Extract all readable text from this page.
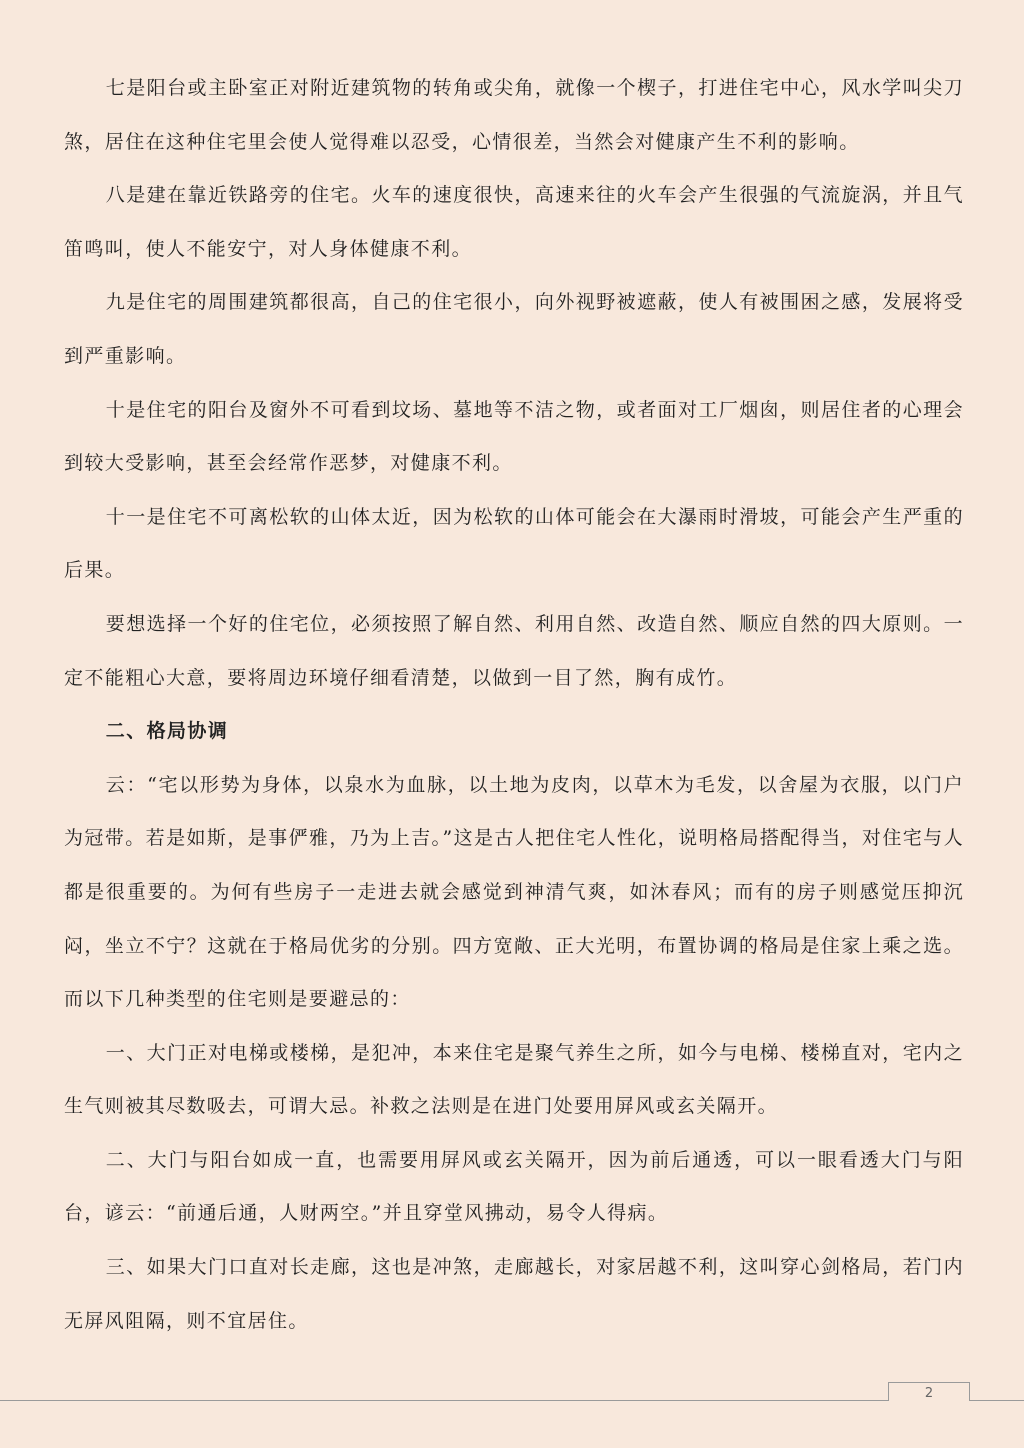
七是阳台或主卧室正对附近建筑物的转角或尖角，就像一个楔子，打进住宅中心，风水学叫尖刀煞，居住在这种住宅里会使人觉得难以忍受，心情很差，当然会对健康产生不利的影响。

八是建在靠近铁路旁的住宅。火车的速度很快，高速来往的火车会产生很强的气流旋涡，并且气笛鸣叫，使人不能安宁，对人身体健康不利。

九是住宅的周围建筑都很高，自己的住宅很小，向外视野被遮蔽，使人有被围困之感，发展将受到严重影响。

十是住宅的阳台及窗外不可看到坟场、墓地等不洁之物，或者面对工厂烟囱，则居住者的心理会到较大受影响，甚至会经常作恶梦，对健康不利。

十一是住宅不可离松软的山体太近，因为松软的山体可能会在大瀑雨时滑坡，可能会产生严重的后果。

要想选择一个好的住宅位，必须按照了解自然、利用自然、改造自然、顺应自然的四大原则。一定不能粗心大意，要将周边环境仔细看清楚，以做到一目了然，胸有成竹。

二、格局协调

云：“宅以形势为身体，以泉水为血脉，以土地为皮肉，以草木为毛发，以舍屋为衣服，以门户为冠带。若是如斯，是事俨雅，乃为上吉。”这是古人把住宅人性化，说明格局搭配得当，对住宅与人都是很重要的。为何有些房子一走进去就会感觉到神清气爽，如沐春风；而有的房子则感觉压抑沉闷，坐立不宁？这就在于格局优劣的分别。四方宽敞、正大光明，布置协调的格局是住家上乘之选。而以下几种类型的住宅则是要避忌的：

一、大门正对电梯或楼梯，是犯冲，本来住宅是聚气养生之所，如今与电梯、楼梯直对，宅内之生气则被其尽数吸去，可谓大忌。补救之法则是在进门处要用屏风或玄关隔开。

二、大门与阳台如成一直，也需要用屏风或玄关隔开，因为前后通透，可以一眼看透大门与阳台，谚云：“前通后通，人财两空。”并且穿堂风拂动，易令人得病。

三、如果大门口直对长走廊，这也是冲煞，走廊越长，对家居越不利，这叫穿心剑格局，若门内无屏风阻隔，则不宜居住。

2
